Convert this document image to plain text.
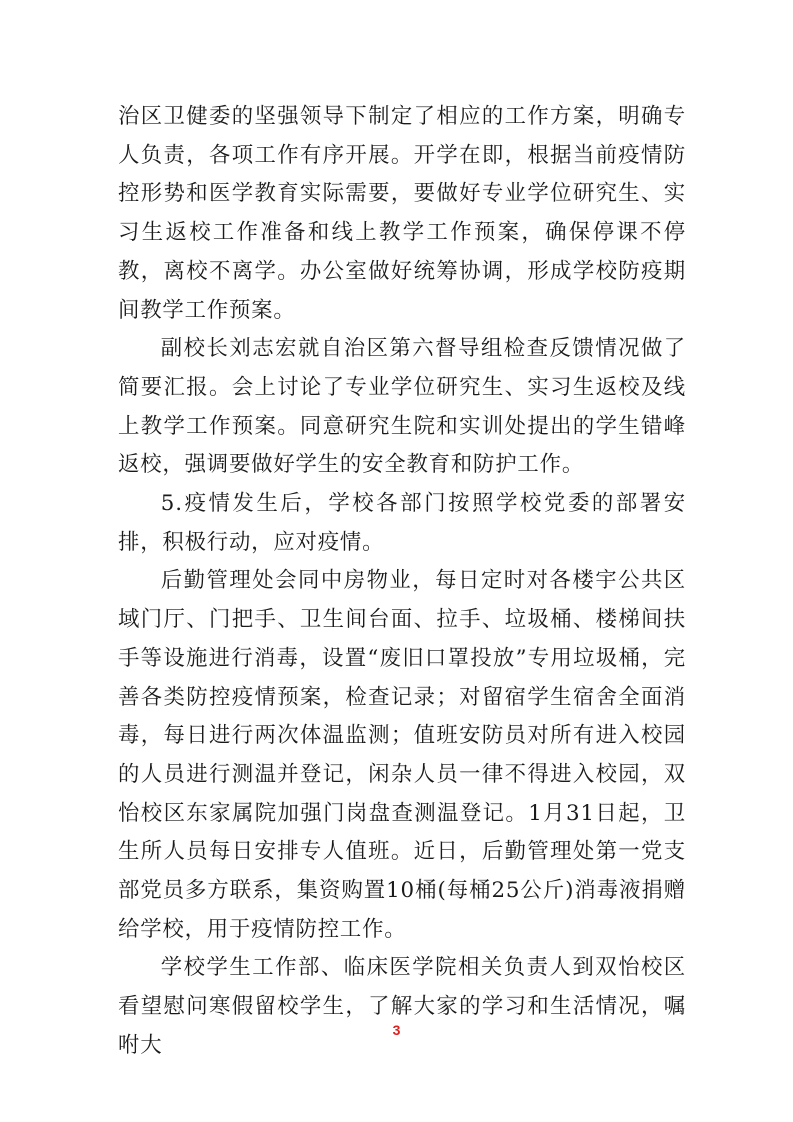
治区卫健委的坚强领导下制定了相应的工作方案，明确专人负责，各项工作有序开展。开学在即，根据当前疫情防控形势和医学教育实际需要，要做好专业学位研究生、实习生返校工作准备和线上教学工作预案，确保停课不停教，离校不离学。办公室做好统筹协调，形成学校防疫期间教学工作预案。

副校长刘志宏就自治区第六督导组检查反馈情况做了简要汇报。会上讨论了专业学位研究生、实习生返校及线上教学工作预案。同意研究生院和实训处提出的学生错峰返校，强调要做好学生的安全教育和防护工作。

5.疫情发生后，学校各部门按照学校党委的部署安排，积极行动，应对疫情。

后勤管理处会同中房物业，每日定时对各楼宇公共区域门厅、门把手、卫生间台面、拉手、垃圾桶、楼梯间扶手等设施进行消毒，设置“废旧口罩投放”专用垃圾桶，完善各类防控疫情预案，检查记录；对留宿学生宿舍全面消毒，每日进行两次体温监测；值班安防员对所有进入校园的人员进行测温并登记，闲杂人员一律不得进入校园，双怡校区东家属院加强门岗盘查测温登记。1月31日起，卫生所人员每日安排专人值班。近日，后勤管理处第一党支部党员多方联系，集资购置10桶(每桶25公斤)消毒液捐赠给学校，用于疫情防控工作。

学校学生工作部、临床医学院相关负责人到双怡校区看望慰问寒假留校学生，了解大家的学习和生活情况，嘱咐大

3
